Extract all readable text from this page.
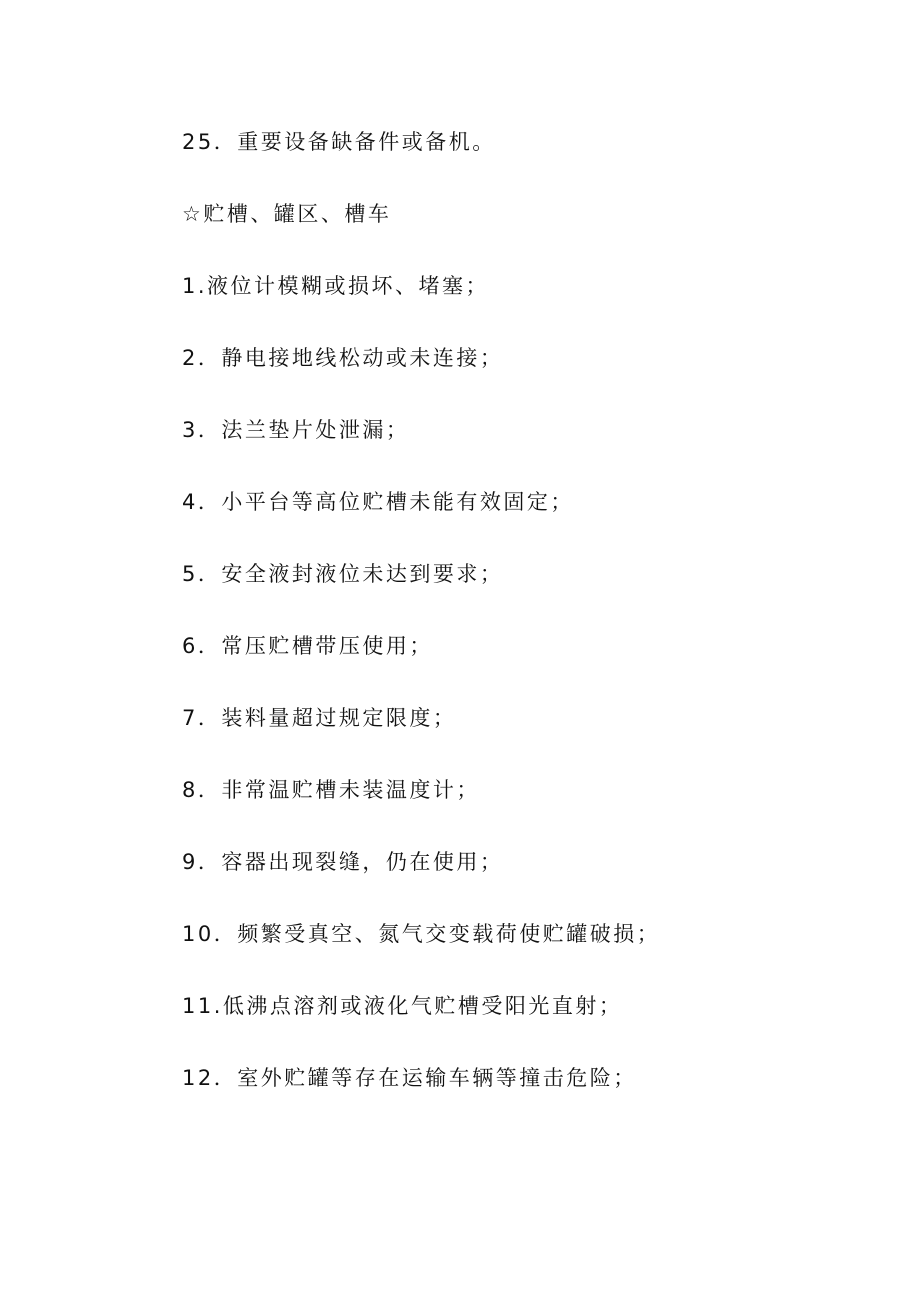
25．重要设备缺备件或备机。
☆贮槽、罐区、槽车
1.液位计模糊或损坏、堵塞；
2．静电接地线松动或未连接；
3．法兰垫片处泄漏；
4．小平台等高位贮槽未能有效固定；
5．安全液封液位未达到要求；
6．常压贮槽带压使用；
7．装料量超过规定限度；
8．非常温贮槽未装温度计；
9．容器出现裂缝，仍在使用；
10．频繁受真空、氮气交变载荷使贮罐破损；
11.低沸点溶剂或液化气贮槽受阳光直射；
12．室外贮罐等存在运输车辆等撞击危险；
